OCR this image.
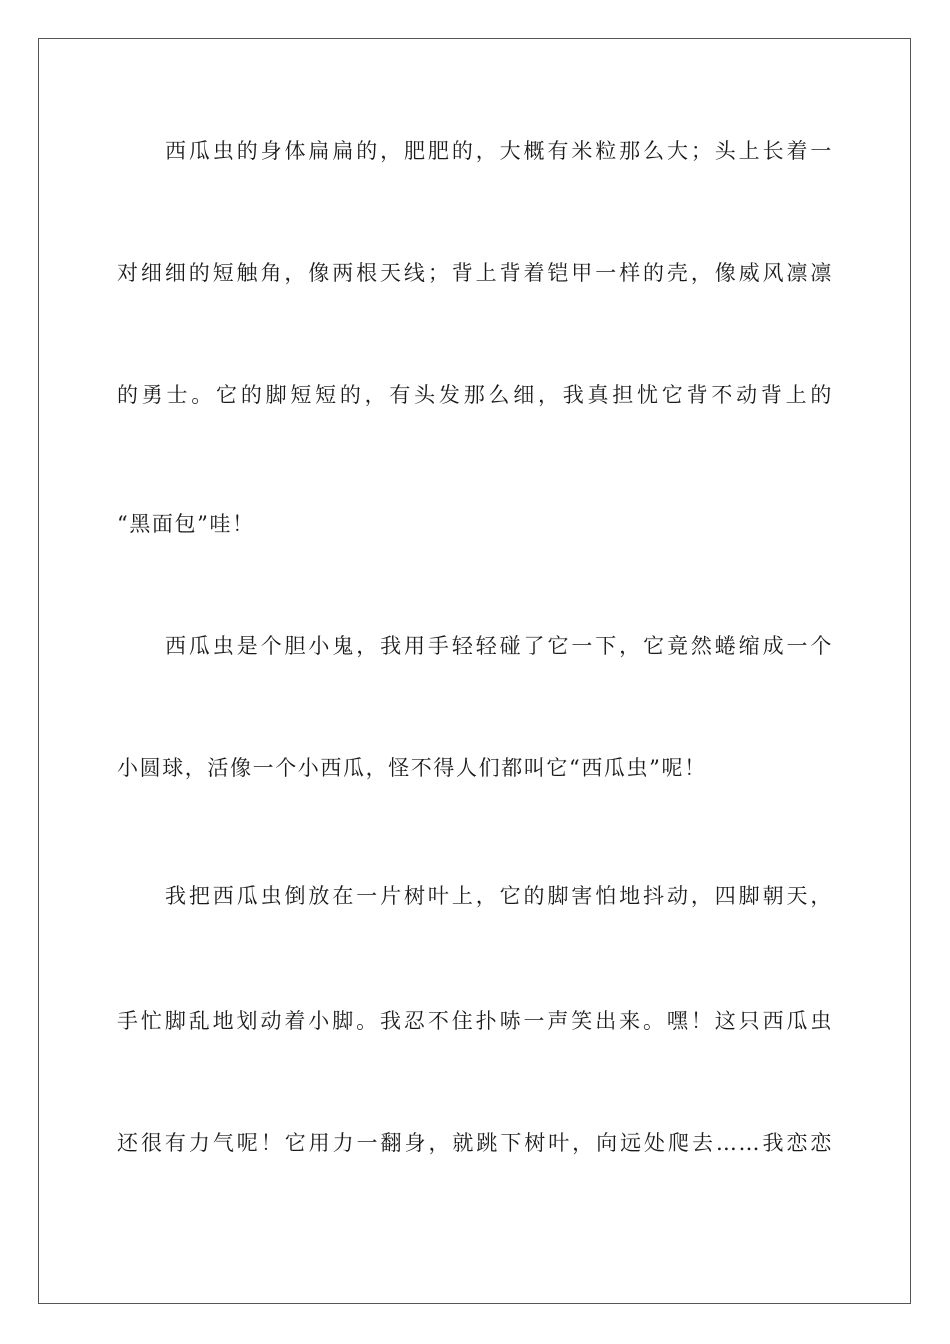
西瓜虫的身体扁扁的，肥肥的，大概有米粒那么大；头上长着一
对细细的短触角，像两根天线；背上背着铠甲一样的壳，像威风凛凛
的勇士。它的脚短短的，有头发那么细，我真担忧它背不动背上的
“黑面包”哇！
西瓜虫是个胆小鬼，我用手轻轻碰了它一下，它竟然蜷缩成一个
小圆球，活像一个小西瓜，怪不得人们都叫它“西瓜虫”呢！
我把西瓜虫倒放在一片树叶上，它的脚害怕地抖动，四脚朝天，
手忙脚乱地划动着小脚。我忍不住扑哧一声笑出来。嘿！这只西瓜虫
还很有力气呢！它用力一翻身，就跳下树叶，向远处爬去……我恋恋
